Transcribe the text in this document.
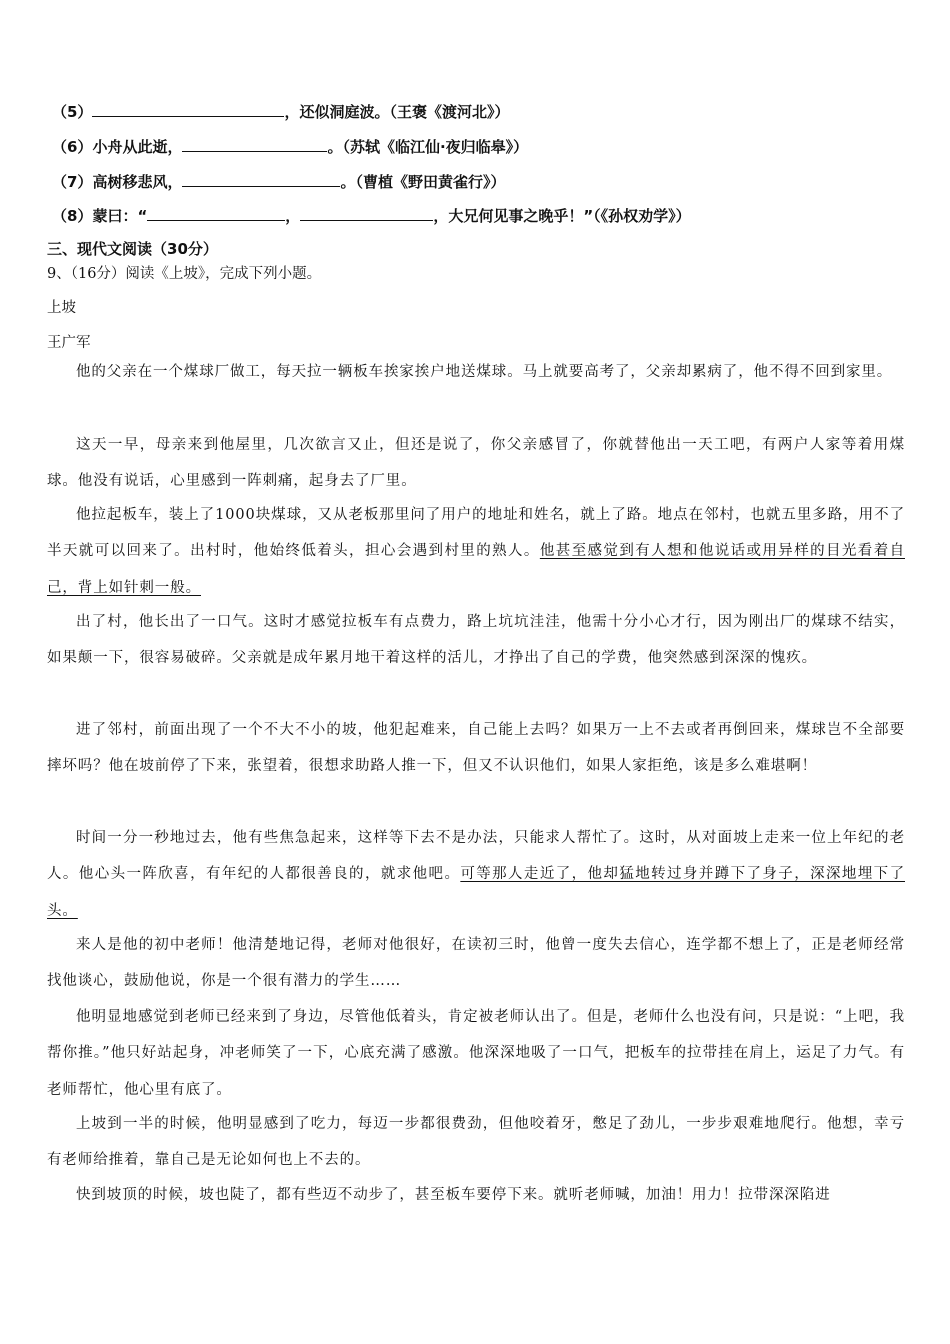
（5）	，还似洞庭波。（王褒《渡河北》）
（6）小舟从此逝，	。（苏轼《临江仙·夜归临皋》）
（7）高树移悲风，	。（曹植《野田黄雀行》）
（8）蒙曰：“	，	，大兄何见事之晚乎！”（《孙权劝学》）
三、现代文阅读（30分）
9、（16分）阅读《上坡》，完成下列小题。
上坡
王广军

他的父亲在一个煤球厂做工，每天拉一辆板车挨家挨户地送煤球。马上就要高考了，父亲却累病了，他不得不回到家里。

这天一早，母亲来到他屋里，几次欲言又止，但还是说了，你父亲感冒了，你就替他出一天工吧，有两户人家等着用煤球。他没有说话，心里感到一阵刺痛，起身去了厂里。

他拉起板车，装上了1000块煤球，又从老板那里问了用户的地址和姓名，就上了路。地点在邻村，也就五里多路，用不了半天就可以回来了。出村时，他始终低着头，担心会遇到村里的熟人。他甚至感觉到有人想和他说话或用异样的目光看着自己，背上如针刺一般。

出了村，他长出了一口气。这时才感觉拉板车有点费力，路上坑坑洼洼，他需十分小心才行，因为刚出厂的煤球不结实，如果颠一下，很容易破碎。父亲就是成年累月地干着这样的活儿，才挣出了自己的学费，他突然感到深深的愧疚。

进了邻村，前面出现了一个不大不小的坡，他犯起难来，自己能上去吗？如果万一上不去或者再倒回来，煤球岂不全部要摔坏吗？他在坡前停了下来，张望着，很想求助路人推一下，但又不认识他们，如果人家拒绝，该是多么难堪啊！

时间一分一秒地过去，他有些焦急起来，这样等下去不是办法，只能求人帮忙了。这时，从对面坡上走来一位上年纪的老人。他心头一阵欣喜，有年纪的人都很善良的，就求他吧。可等那人走近了，他却猛地转过身并蹲下了身子，深深地埋下了头。

来人是他的初中老师！他清楚地记得，老师对他很好，在读初三时，他曾一度失去信心，连学都不想上了，正是老师经常找他谈心，鼓励他说，你是一个很有潜力的学生……

他明显地感觉到老师已经来到了身边，尽管他低着头，肯定被老师认出了。但是，老师什么也没有问，只是说：“上吧，我帮你推。”他只好站起身，冲老师笑了一下，心底充满了感激。他深深地吸了一口气，把板车的拉带挂在肩上，运足了力气。有老师帮忙，他心里有底了。

上坡到一半的时候，他明显感到了吃力，每迈一步都很费劲，但他咬着牙，憋足了劲儿，一步步艰难地爬行。他想，幸亏有老师给推着，靠自己是无论如何也上不去的。

快到坡顶的时候，坡也陡了，都有些迈不动步了，甚至板车要停下来。就听老师喊，加油！用力！拉带深深陷进
